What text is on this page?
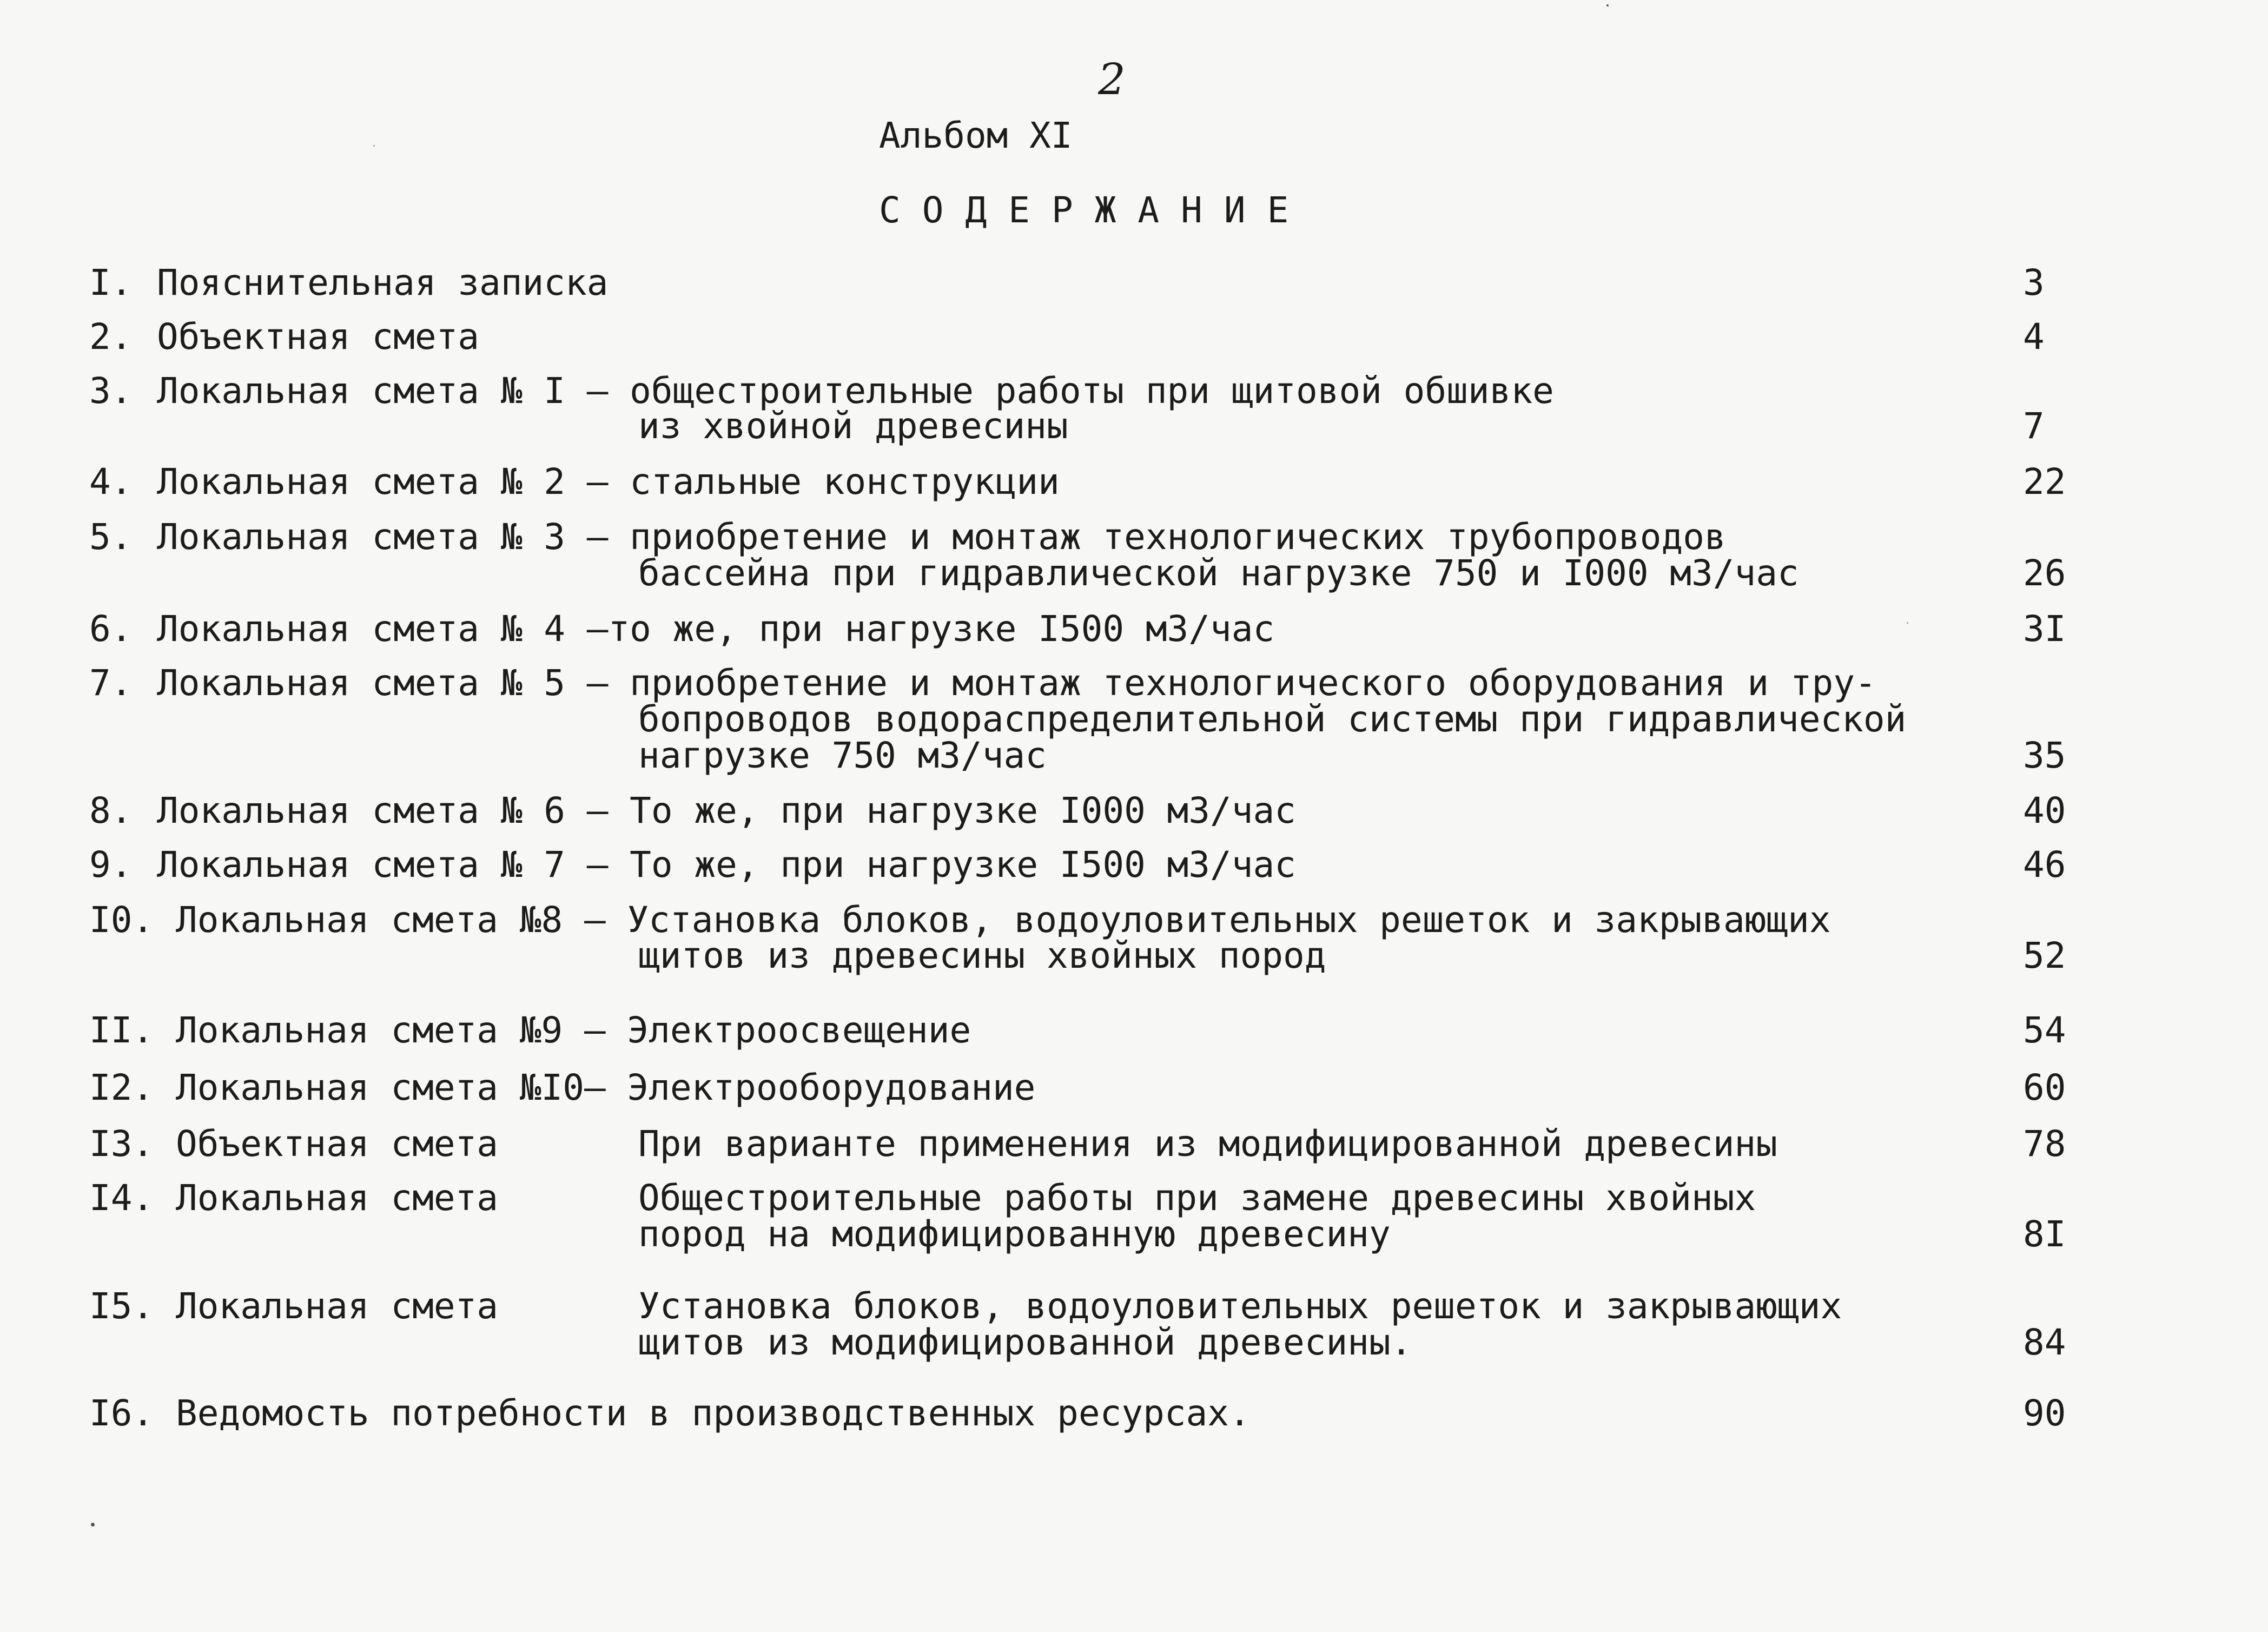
2
Альбом XI
СОДЕРЖАНИЕ
I. Пояснительная записка	3
2. Объектная смета	4
3. Локальная смета № I – общестроительные работы при щитовой обшивке
из хвойной древесины	7
4. Локальная смета № 2 – стальные конструкции	22
5. Локальная смета № 3 – приобретение и монтаж технологических трубопроводов
бассейна при гидравлической нагрузке 750 и I000 м3/час	26
6. Локальная смета № 4 –то же, при нагрузке I500 м3/час	3I
7. Локальная смета № 5 – приобретение и монтаж технологического оборудования и тру-
бопроводов водораспределительной системы при гидравлической
нагрузке 750 м3/час	35
8. Локальная смета № 6 – То же, при нагрузке I000 м3/час	40
9. Локальная смета № 7 – То же, при нагрузке I500 м3/час	46
I0. Локальная смета №8 – Установка блоков, водоуловительных решеток и закрывающих
щитов из древесины хвойных пород	52
II. Локальная смета №9 – Электроосвещение	54
I2. Локальная смета №I0– Электрооборудование	60
I3. Объектная смета	При варианте применения из модифицированной древесины	78
I4. Локальная смета	Общестроительные работы при замене древесины хвойных
пород на модифицированную древесину	8I
I5. Локальная смета	Установка блоков, водоуловительных решеток и закрывающих
щитов из модифицированной древесины.	84
I6. Ведомость потребности в производственных ресурсах.	90
